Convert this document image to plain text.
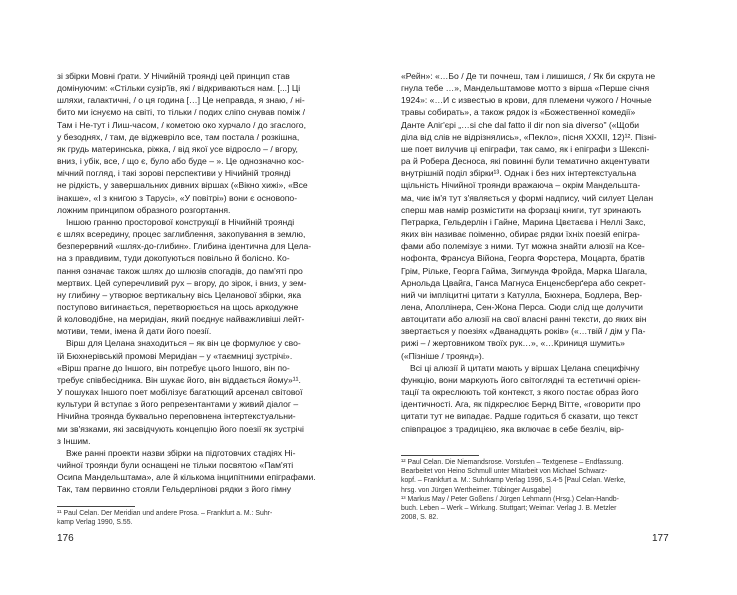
зі збірки Мовні ґрати. У Нічийній троянді цей принцип став
домінуючим: «Стільки сузір'їв, які / відкриваються нам. [...] Ці
шляхи, галактичні, / о ця година […] Це неправда, я знаю, / ні-
бито ми існуємо на світі, то тільки / подих сліпо снував поміж /
Там і Не-тут і Лиш-часом, / кометою око хурчало / до згаслого,
у безоднях, / там, де віджевріло все, там постала / розкішна,
як грудь материнська, ріжка, / від якої усе відросло – / вгору,
вниз, і убік, все, / що є, було або буде – ». Це однозначно кос-
мічний погляд, і такі зорові перспективи у Нічийній троянді
не рідкість, у завершальних дивних віршах («Вікно хижі», «Все
інакше», «І з книгою з Тарусі», «У повітрі») вони є основопо-
ложним принципом образного розгортання.
Іншою гранню просторової конструкції в Нічийній троянді
є шлях всередину, процес заглиблення, закопування в землю,
безперервний «шлях-до-глибин». Глибина ідентична для Цела-
на з правдивим, туди докопуються повільно й болісно. Ко-
пання означає також шлях до шлюзів спогадів, до пам'яті про
мертвих. Цей суперечливий рух – вгору, до зірок, і вниз, у зем-
ну глибину – утворює вертикальну вісь Целанової збірки, яка
поступово вигинається, перетворюється на щось аркодужне
й коловодібне, на меридіан, який поєднує найважливіші лейт-
мотиви, теми, імена й дати його поезії.
Вірш для Целана знаходиться – як він це формулює у сво-
їй Бюхнерівській промові Меридіан – у «таємниці зустрічі».
«Вірш прагне до Іншого, він потребує цього Іншого, він по-
требує співбесідника. Він шукає його, він віддається йому»¹¹.
У пошуках Іншого поет мобілізує багатющий арсенал світової
культури й вступає з його репрезентантами у живий діалог –
Нічийна троянда буквально переповнена інтертекстуальни-
ми зв'язками, які засвідчують концепцію його поезії як зустрічі
з Іншим.
Вже ранні проекти назви збірки на підготовчих стадіях Ні-
чийної троянди були оснащені не тільки посвятою «Пам'яті
Осипа Мандельштама», але й кількома інципітними епіграфами.
Так, там первинно стояли Гельдерлінові рядки з його гімну
¹¹ Paul Celan. Der Meridian und andere Prosa. – Frankfurt a. M.: Suhr-
kamp Verlag 1990, S.55.
176
«Рейн»: «…Бо / Де ти почнеш, там і лишишся, / Як би скрута не
гнула тебе …», Мандельштамове мотто з вірша «Перше січня
1924»: «…И с известью в крови, для племени чужого / Ночные
травы собирать», а також рядок із «Божественної комедії»
Данте Аліг'єрі „…si che dal fatto il dir non sia diverso" («Щоби
діла від слів не відрізнялись», «Пекло», пісня XXXII, 12)¹². Пізні-
ше поет вилучив ці епіграфи, так само, як і епіграфи з Шекспі-
ра й Робера Десноса, які повинні були тематично акцентувати
внутрішній поділ збірки¹³. Однак і без них інтертекстуальна
щільність Нічийної троянди вражаюча – окрім Мандельшта-
ма, чиє ім'я тут з'являється у формі надпису, чий силует Целан
сперш мав намір розмістити на форзаці книги, тут зринають
Петрарка, Гельдерлін і Гайне, Марина Цвєтаєва і Неллі Закс,
яких він називає поіменно, обирає рядки їхніх поезій епігра-
фами або полемізує з ними. Тут можна знайти алюзії на Ксе-
нофонта, Франсуа Війона, Георга Форстера, Моцарта, братів
Грім, Рільке, Георга Гайма, Зигмунда Фройда, Марка Шагала,
Арнольда Цвайга, Ганса Магнуса Енценсберґера або секрет-
ний чи імпліцитні цитати з Катулла, Бюхнера, Бодлера, Вер-
лена, Аполлінера, Сен-Жона Перса. Сюди слід ще долучити
автоцитати або алюзії на свої власні ранні тексти, до яких він
звертається у поезіях «Дванадцять років» («…твій / дім у Па-
рижі – / жертовником твоїх рук…», «…Криниця шумить»
(«Пізніше / троянд»).
Всі ці алюзії й цитати мають у віршах Целана специфічну
функцію, вони маркують його світоглядні та естетичні орієн-
тації та окреслюють той контекст, з якого постає образ його
ідентичності. Ага, як підкреслює Бернд Вітте, «говорити про
цитати тут не випадає. Радше годиться б сказати, що текст
співпрацює з традицією, яка включає в себе безліч, вір-
¹² Paul Celan. Die Niemandsrose. Vorstufen – Textgenese – Endfassung.
Bearbeitet von Heino Schmull unter Mitarbeit von Michael Schwarz-
kopf. – Frankfurt a. M.: Suhrkamp Verlag 1996, S.4-5 [Paul Celan. Werke,
hrsg. von Jürgen Wertheimer. Tübinger Ausgabe]
¹³ Markus May / Peter Goßens / Jürgen Lehmann (Hrsg.) Celan-Handb-
buch. Leben – Werk – Wirkung. Stuttgart; Weimar: Verlag J. B. Metzler
2008, S. 82.
177
